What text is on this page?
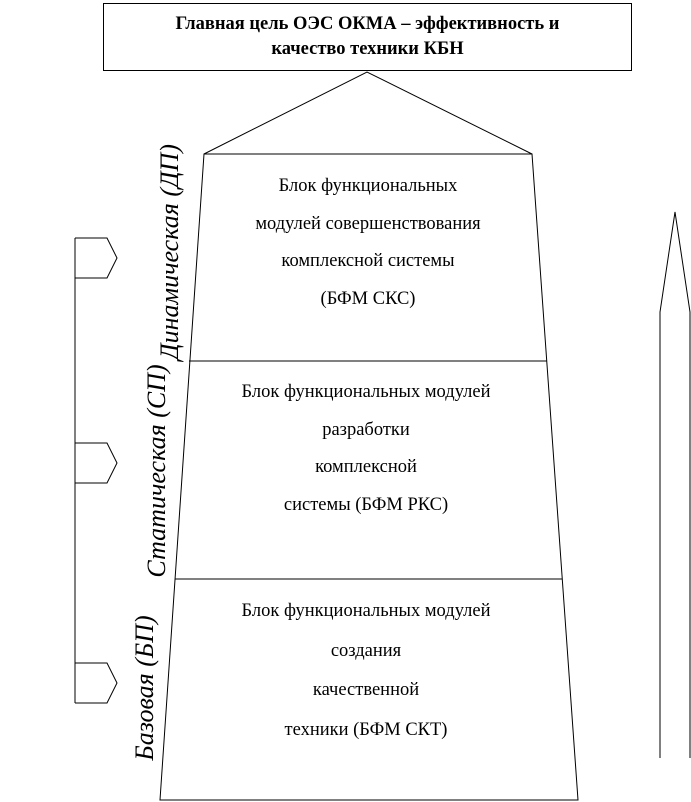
Главная цель ОЭС ОКМА – эффективность и
качество техники КБН
Блок функциональных
модулей совершенствования
комплексной системы
(БФМ СКС)
Блок функциональных модулей
разработки
комплексной
системы (БФМ РКС)
Блок функциональных модулей
создания
качественной
техники (БФМ СКТ)
Динамическая (ДП)
Статическая (СП)
Базовая (БП)
